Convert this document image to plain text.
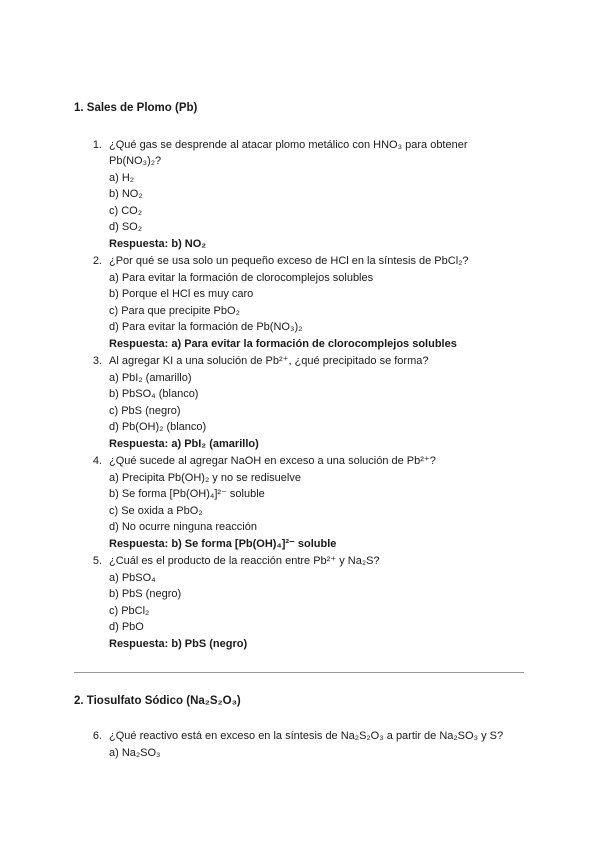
1. Sales de Plomo (Pb)
1. ¿Qué gas se desprende al atacar plomo metálico con HNO₃ para obtener
Pb(NO₃)₂?
a) H₂
b) NO₂
c) CO₂
d) SO₂
Respuesta: b) NO₂
2. ¿Por qué se usa solo un pequeño exceso de HCl en la síntesis de PbCl₂?
a) Para evitar la formación de clorocomplejos solubles
b) Porque el HCl es muy caro
c) Para que precipite PbO₂
d) Para evitar la formación de Pb(NO₃)₂
Respuesta: a) Para evitar la formación de clorocomplejos solubles
3. Al agregar KI a una solución de Pb²⁺, ¿qué precipitado se forma?
a) PbI₂ (amarillo)
b) PbSO₄ (blanco)
c) PbS (negro)
d) Pb(OH)₂ (blanco)
Respuesta: a) PbI₂ (amarillo)
4. ¿Qué sucede al agregar NaOH en exceso a una solución de Pb²⁺?
a) Precipita Pb(OH)₂ y no se redisuelve
b) Se forma [Pb(OH)₄]²⁻ soluble
c) Se oxida a PbO₂
d) No ocurre ninguna reacción
Respuesta: b) Se forma [Pb(OH)₄]²⁻ soluble
5. ¿Cuál es el producto de la reacción entre Pb²⁺ y Na₂S?
a) PbSO₄
b) PbS (negro)
c) PbCl₂
d) PbO
Respuesta: b) PbS (negro)
2. Tiosulfato Sódico (Na₂S₂O₃)
6. ¿Qué reactivo está en exceso en la síntesis de Na₂S₂O₃ a partir de Na₂SO₃ y S?
a) Na₂SO₃
